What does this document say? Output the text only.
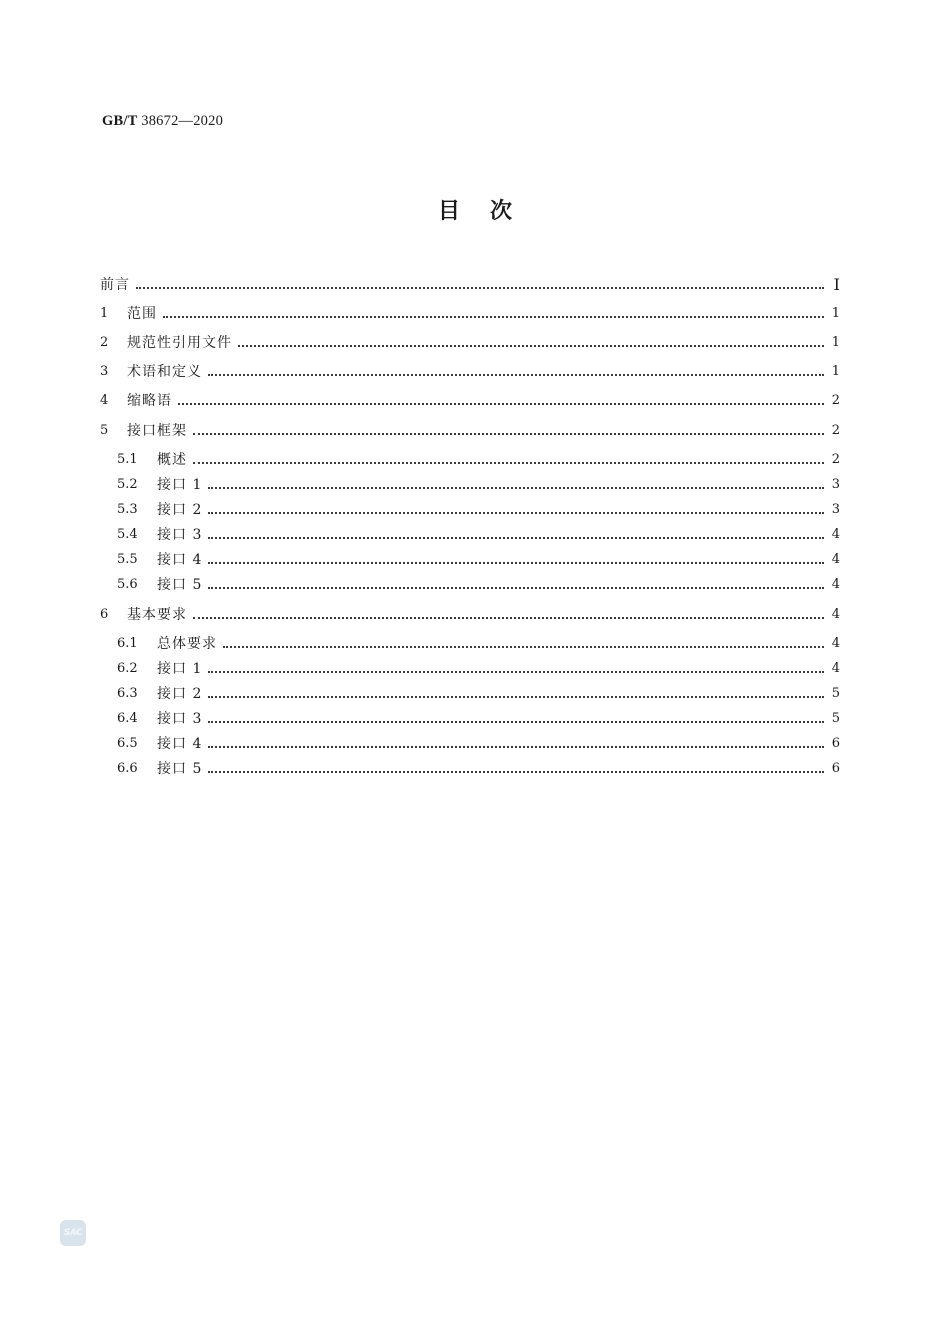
GB/T 38672—2020
目次
前言	I
1	范围	1
2	规范性引用文件	1
3	术语和定义	1
4	缩略语	2
5	接口框架	2
5.1	概述	2
5.2	接口 1	3
5.3	接口 2	3
5.4	接口 3	4
5.5	接口 4	4
5.6	接口 5	4
6	基本要求	4
6.1	总体要求	4
6.2	接口 1	4
6.3	接口 2	5
6.4	接口 3	5
6.5	接口 4	6
6.6	接口 5	6
SAC
